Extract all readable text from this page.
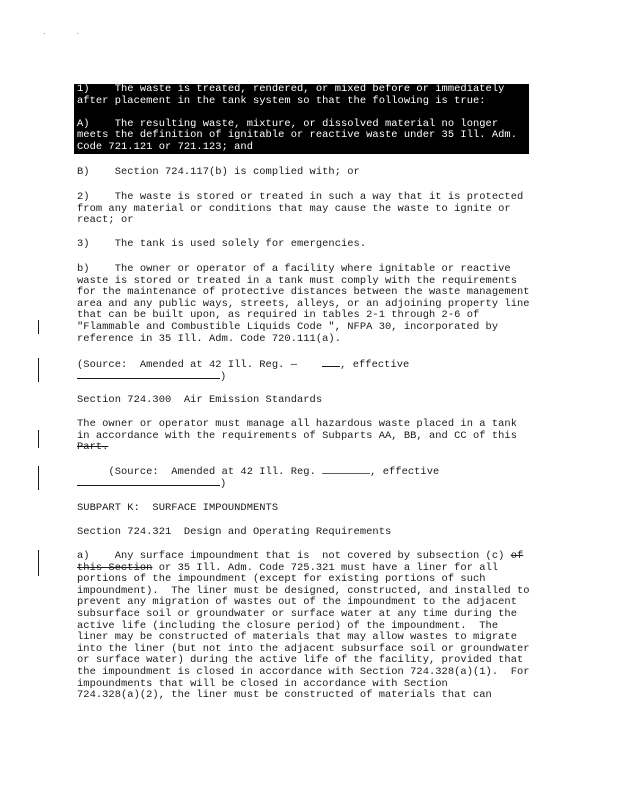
1)    The waste is treated, rendered, or mixed before or immediately
after placement in the tank system so that the following is true:

A)    The resulting waste, mixture, or dissolved material no longer
meets the definition of ignitable or reactive waste under 35 Ill. Adm.
Code 721.121 or 721.123; and
B)    Section 724.117(b) is complied with; or
2)    The waste is stored or treated in such a way that it is protected
from any material or conditions that may cause the waste to ignite or
react; or
3)    The tank is used solely for emergencies.
b)    The owner or operator of a facility where ignitable or reactive
waste is stored or treated in a tank must comply with the requirements
for the maintenance of protective distances between the waste management
area and any public ways, streets, alleys, or an adjoining property line
that can be built upon, as required in tables 2-1 through 2-6 of
"Flammable and Combustible Liquids Code ", NFPA 30, incorporated by
reference in 35 Ill. Adm. Code 720.111(a).
(Source:  Amended at 42 Ill. Reg. —	, effective
)
Section 724.300  Air Emission Standards
The owner or operator must manage all hazardous waste placed in a tank
in accordance with the requirements of Subparts AA, BB, and CC of this
Part.
(Source:  Amended at 42 Ill. Reg.	, effective
)
SUBPART K:  SURFACE IMPOUNDMENTS
Section 724.321  Design and Operating Requirements
a)    Any surface impoundment that is  not covered by subsection (c) of
this Section or 35 Ill. Adm. Code 725.321 must have a liner for all
portions of the impoundment (except for existing portions of such
impoundment).  The liner must be designed, constructed, and installed to
prevent any migration of wastes out of the impoundment to the adjacent
subsurface soil or groundwater or surface water at any time during the
active life (including the closure period) of the impoundment.  The
liner may be constructed of materials that may allow wastes to migrate
into the liner (but not into the adjacent subsurface soil or groundwater
or surface water) during the active life of the facility, provided that
the impoundment is closed in accordance with Section 724.328(a)(1).  For
impoundments that will be closed in accordance with Section
724.328(a)(2), the liner must be constructed of materials that can
